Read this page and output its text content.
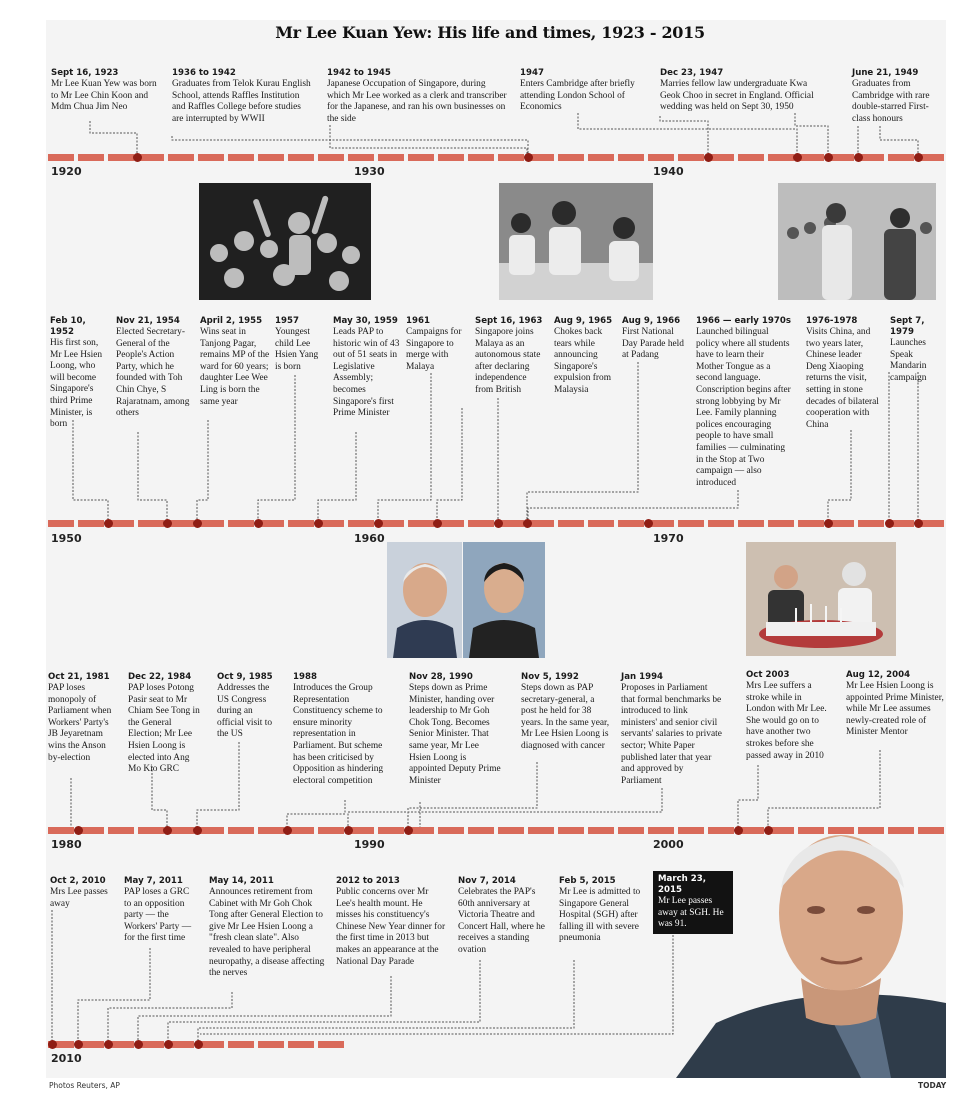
Mr Lee Kuan Yew: His life and times, 1923 - 2015
1920	1930	1940
1950	1960	1970
1980	1990	2000
2010
Sept 16, 1923
Mr Lee Kuan Yew was born to Mr Lee Chin Koon and Mdm Chua Jim Neo
1936 to 1942
Graduates from Telok Kurau English School, attends Raffles Institution and Raffles College before studies are interrupted by WWII
1942 to 1945
Japanese Occupation of Singapore, during which Mr Lee worked as a clerk and transcriber for the Japanese, and ran his own businesses on the side
1947
Enters Cambridge after briefly attending London School of Economics
Dec 23, 1947
Marries fellow law undergraduate Kwa Geok Choo in secret in England. Official wedding was held on Sept 30, 1950
June 21, 1949
Graduates from Cambridge with rare double-starred First-class honours
Feb 10, 1952
His first son, Mr Lee Hsien Loong, who will become Singapore's third Prime Minister, is born
Nov 21, 1954
Elected Secretary-General of the People's Action Party, which he founded with Toh Chin Chye, S Rajaratnam, among others
April 2, 1955
Wins seat in Tanjong Pagar, remains MP of the ward for 60 years; daughter Lee Wee Ling is born the same year
1957
Youngest child Lee Hsien Yang is born
May 30, 1959
Leads PAP to historic win of 43 out of 51 seats in Legislative Assembly; becomes Singapore's first Prime Minister
1961
Campaigns for Singapore to merge with Malaya
Sept 16, 1963
Singapore joins Malaya as an autonomous state after declaring independence from British
Aug 9, 1965
Chokes back tears while announcing Singapore's expulsion from Malaysia
Aug 9, 1966
First National Day Parade held at Padang
1966 — early 1970s
Launched bilingual policy where all students have to learn their Mother Tongue as a second language. Conscription begins after strong lobbying by Mr Lee. Family planning polices encouraging people to have small families — culminating in the Stop at Two campaign — also introduced
1976-1978
Visits China, and two years later, Chinese leader Deng Xiaoping returns the visit, setting in stone decades of bilateral cooperation with China
Sept 7, 1979
Launches Speak Mandarin campaign
Oct 21, 1981
PAP loses monopoly of Parliament when Workers' Party's JB Jeyaretnam wins the Anson by-election
Dec 22, 1984
PAP loses Potong Pasir seat to Mr Chiam See Tong in the General Election; Mr Lee Hsien Loong is elected into Ang Mo Kio GRC
Oct 9, 1985
Addresses the US Congress during an official visit to the US
1988
Introduces the Group Representation Constituency scheme to ensure minority representation in Parliament. But scheme has been criticised by Opposition as hindering electoral competition
Nov 28, 1990
Steps down as Prime Minister, handing over leadership to Mr Goh Chok Tong. Becomes Senior Minister. That same year, Mr Lee Hsien Loong is appointed Deputy Prime Minister
Nov 5, 1992
Steps down as PAP secretary-general, a post he held for 38 years. In the same year, Mr Lee Hsien Loong is diagnosed with cancer
Jan 1994
Proposes in Parliament that formal benchmarks be introduced to link ministers' and senior civil servants' salaries to private sector; White Paper published later that year and approved by Parliament
Oct 2003
Mrs Lee suffers a stroke while in London with Mr Lee. She would go on to have another two strokes before she passed away in 2010
Aug 12, 2004
Mr Lee Hsien Loong is appointed Prime Minister, while Mr Lee assumes newly-created role of Minister Mentor
Oct 2, 2010
Mrs Lee passes away
May 7, 2011
PAP loses a GRC to an opposition party — the Workers' Party — for the first time
May 14, 2011
Announces retirement from Cabinet with Mr Goh Chok Tong after General Election to give Mr Lee Hsien Loong a "fresh clean slate". Also revealed to have peripheral neuropathy, a disease affecting the nerves
2012 to 2013
Public concerns over Mr Lee's health mount. He misses his constituency's Chinese New Year dinner for the first time in 2013 but makes an appearance at the National Day Parade
Nov 7, 2014
Celebrates the PAP's 60th anniversary at Victoria Theatre and Concert Hall, where he receives a standing ovation
Feb 5, 2015
Mr Lee is admitted to Singapore General Hospital (SGH) after falling ill with severe pneumonia
March 23, 2015
Mr Lee passes away at SGH. He was 91.
Photos Reuters, AP	TODAY
